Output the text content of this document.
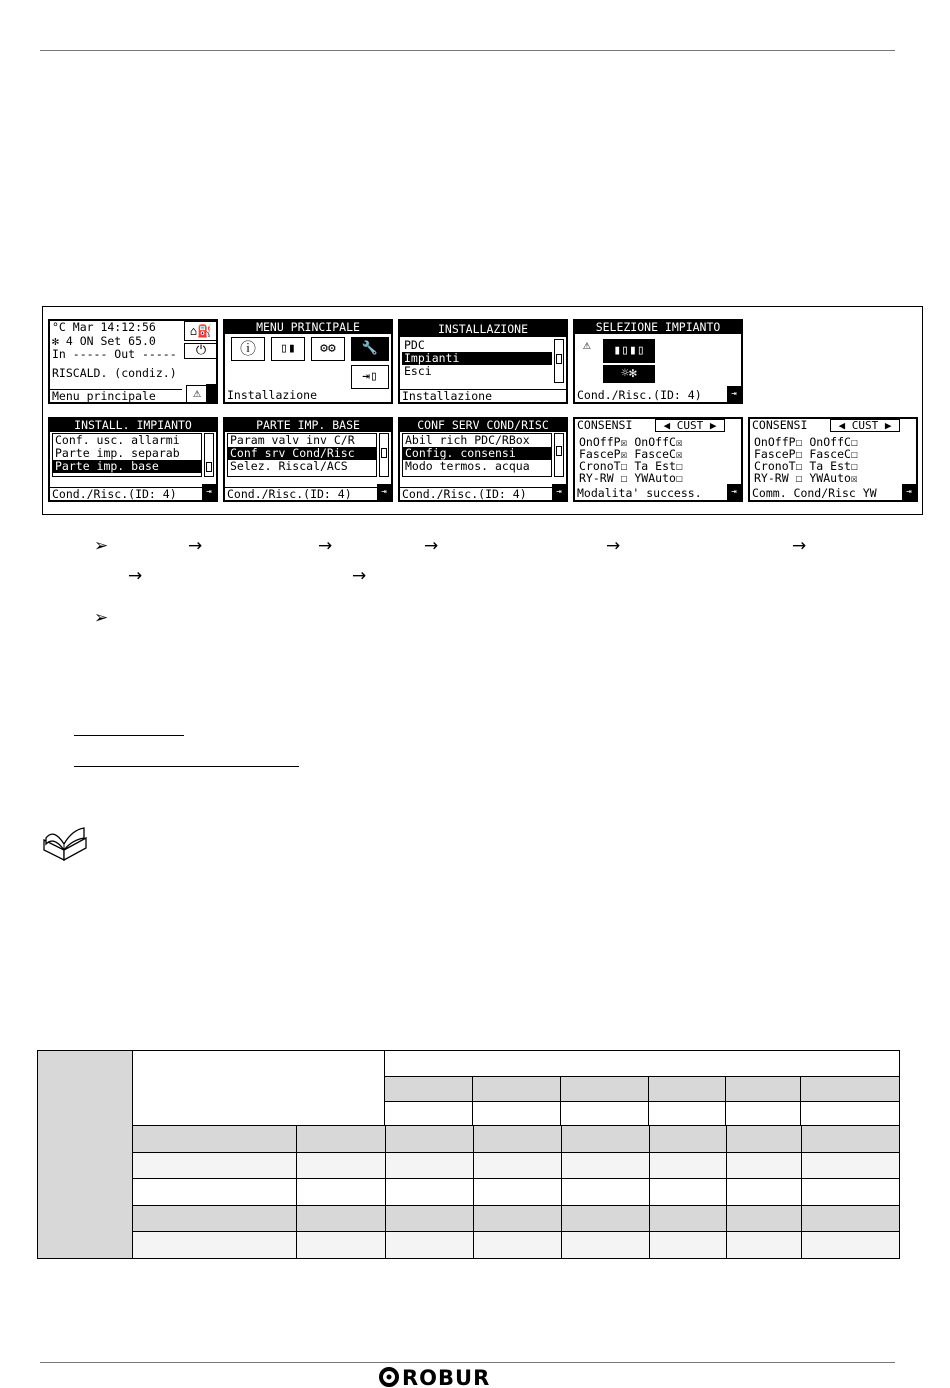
°C Mar 14:12:56
✻ 4 ON Set 65.0
In ----- Out -----
RISCALD. (condiz.)
⌂⛽
⏻
Menu principale	⚠
MENU PRINCIPALE
ⓘ	▯▮	⚙⚙	🔧
⇥▯
Installazione
INSTALLAZIONE
PDC
Impianti
Esci
Installazione
SELEZIONE IMPIANTO
⚠	▮▯▮▯
☼✻
Cond./Risc.(ID: 4)	⇥
INSTALL. IMPIANTO
Conf. usc. allarmi
Parte imp. separab
Parte imp. base
Cond./Risc.(ID: 4)	⇥
PARTE IMP. BASE
Param valv inv C/R
Conf srv Cond/Risc
Selez. Riscal/ACS
Cond./Risc.(ID: 4)	⇥
CONF SERV COND/RISC
Abil rich PDC/RBox
Config. consensi
Modo termos. acqua
Cond./Risc.(ID: 4)	⇥
CONSENSI	◀ CUST ▶
OnOffP☒ OnOffC☒
FasceP☒ FasceC☒
CronoT☐ Ta Est☐
RY-RW ☐ YWAuto☐
Modalita' success.	⇥
CONSENSI	◀ CUST ▶
OnOffP☐ OnOffC☐
FasceP☐ FasceC☐
CronoT☐ Ta Est☐
RY-RW ☐ YWAuto☒
Comm. Cond/Risc YW	⇥
➢	→	→	→	→	→
→	→
➢
ROBUR
